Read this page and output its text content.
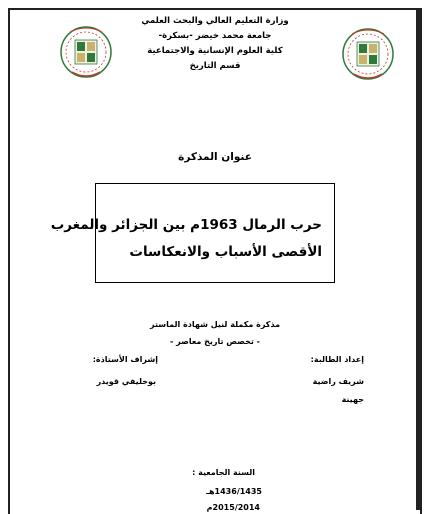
وزارة التعليم العالي والبحث العلمي
جامعة محمد خيضر -بسكرة-
كلية العلوم الإنسانية والاجتماعية
قسم التاريخ
عنوان المذكرة
حرب الرمال 1963م بين الجزائر والمغرب
الأقصى الأسباب والانعكاسات
مذكرة مكملة لنيل شهادة الماستر
- تخصص تاريخ معاصر -
إعداد الطالبة:
شريف راضية
جهينة
إشراف الأستاذة:
بوخليفي قويدر
السنة الجامعية :
1436/1435هـ
2015/2014م
